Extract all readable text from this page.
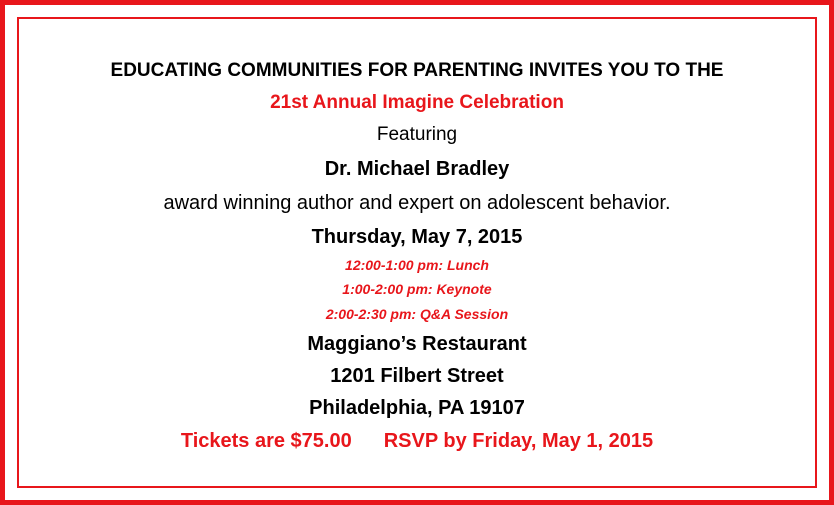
EDUCATING COMMUNITIES FOR PARENTING INVITES YOU TO THE
21st Annual Imagine Celebration
Featuring
Dr. Michael Bradley
award winning author and expert on adolescent behavior.
Thursday, May 7, 2015
12:00-1:00 pm: Lunch
1:00-2:00 pm: Keynote
2:00-2:30 pm: Q&A Session
Maggiano’s Restaurant
1201 Filbert Street
Philadelphia, PA 19107
Tickets are $75.00 RSVP by Friday, May 1, 2015
